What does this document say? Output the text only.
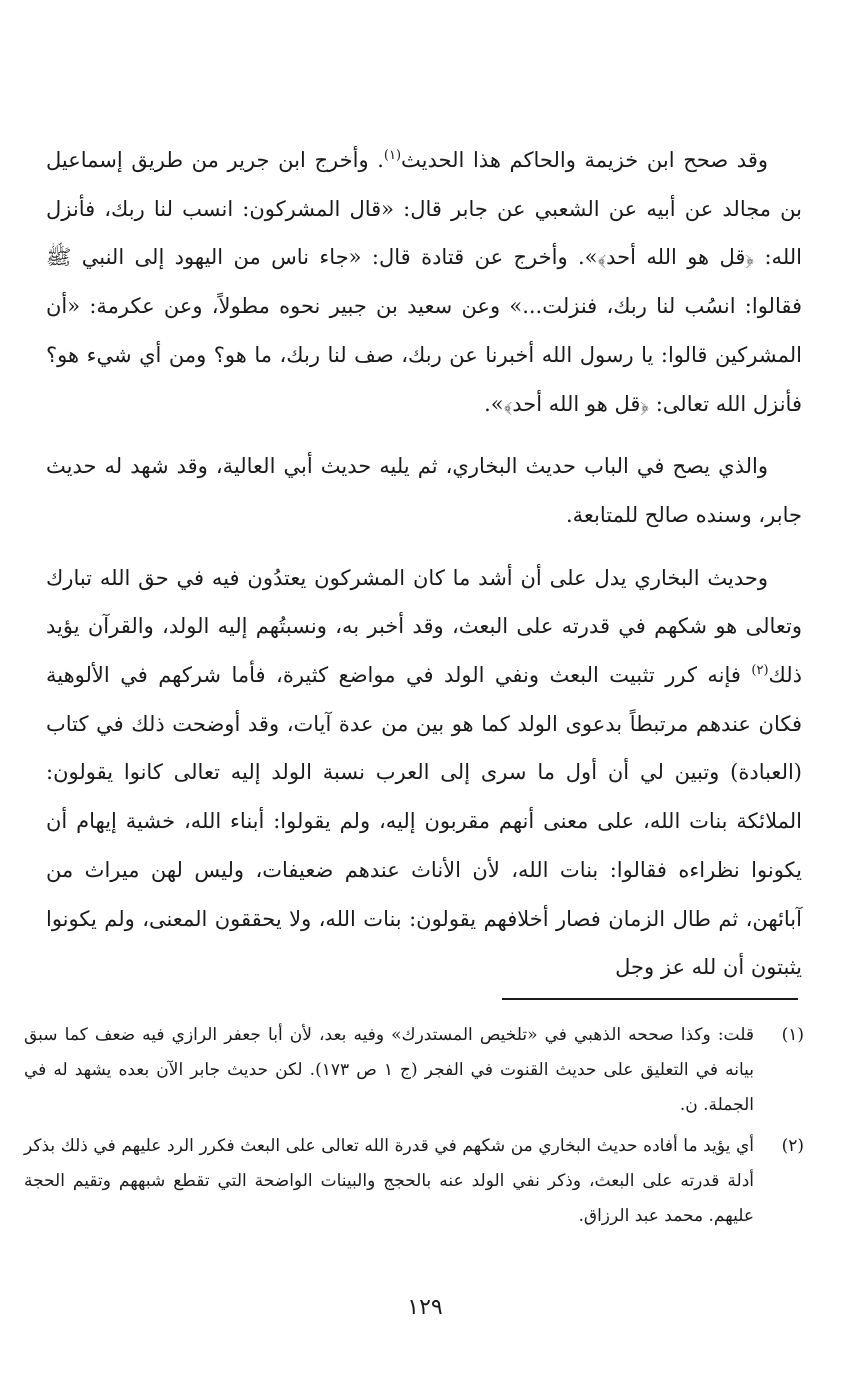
وقد صحح ابن خزيمة والحاكم هذا الحديث$^{(١)}$. وأخرج ابن جرير من طريق إسماعيل بن مجالد عن أبيه عن الشعبي عن جابر قال: «قال المشركون: انسب لنا ربك، فأنزل الله: ﴿قل هو الله أحد﴾». وأخرج عن قتادة قال: «جاء ناس من اليهود إلى النبي ﷺ فقالوا: انسُب لنا ربك، فنزلت...» وعن سعيد بن جبير نحوه مطولاً، وعن عكرمة: «أن المشركين قالوا: يا رسول الله أخبرنا عن ربك، صف لنا ربك، ما هو؟ ومن أي شيء هو؟ فأنزل الله تعالى: ﴿قل هو الله أحد﴾».

والذي يصح في الباب حديث البخاري، ثم يليه حديث أبي العالية، وقد شهد له حديث جابر، وسنده صالح للمتابعة.

وحديث البخاري يدل على أن أشد ما كان المشركون يعتدُون فيه في حق الله تبارك وتعالى هو شكهم في قدرته على البعث، وقد أخبر به، ونسبتُهم إليه الولد، والقرآن يؤيد ذلك$^{(٢)}$ فإنه كرر تثبيت البعث ونفي الولد في مواضع كثيرة، فأما شركهم في الألوهية فكان عندهم مرتبطاً بدعوى الولد كما هو بين من عدة آيات، وقد أوضحت ذلك في كتاب (العبادة) وتبين لي أن أول ما سرى إلى العرب نسبة الولد إليه تعالى كانوا يقولون: الملائكة بنات الله، على معنى أنهم مقربون إليه، ولم يقولوا: أبناء الله، خشية إيهام أن يكونوا نظراءه فقالوا: بنات الله، لأن الأناث عندهم ضعيفات، وليس لهن ميراث من آبائهن، ثم طال الزمان فصار أخلافهم يقولون: بنات الله، ولا يحققون المعنى، ولم يكونوا يثبتون أن لله عز وجل

(١)
قلت: وكذا صححه الذهبي في «تلخيص المستدرك» وفيه بعد، لأن أبا جعفر الرازي فيه ضعف كما سبق بيانه في التعليق على حديث القنوت في الفجر (ج ١ ص ١٧٣). لكن حديث جابر الآن بعده يشهد له في الجملة. ن.
(٢)
أي يؤيد ما أفاده حديث البخاري من شكهم في قدرة الله تعالى على البعث فكرر الرد عليهم في ذلك بذكر أدلة قدرته على البعث، وذكر نفي الولد عنه بالحجج والبينات الواضحة التي تقطع شبههم وتقيم الحجة عليهم. محمد عبد الرزاق.
١٢٩
